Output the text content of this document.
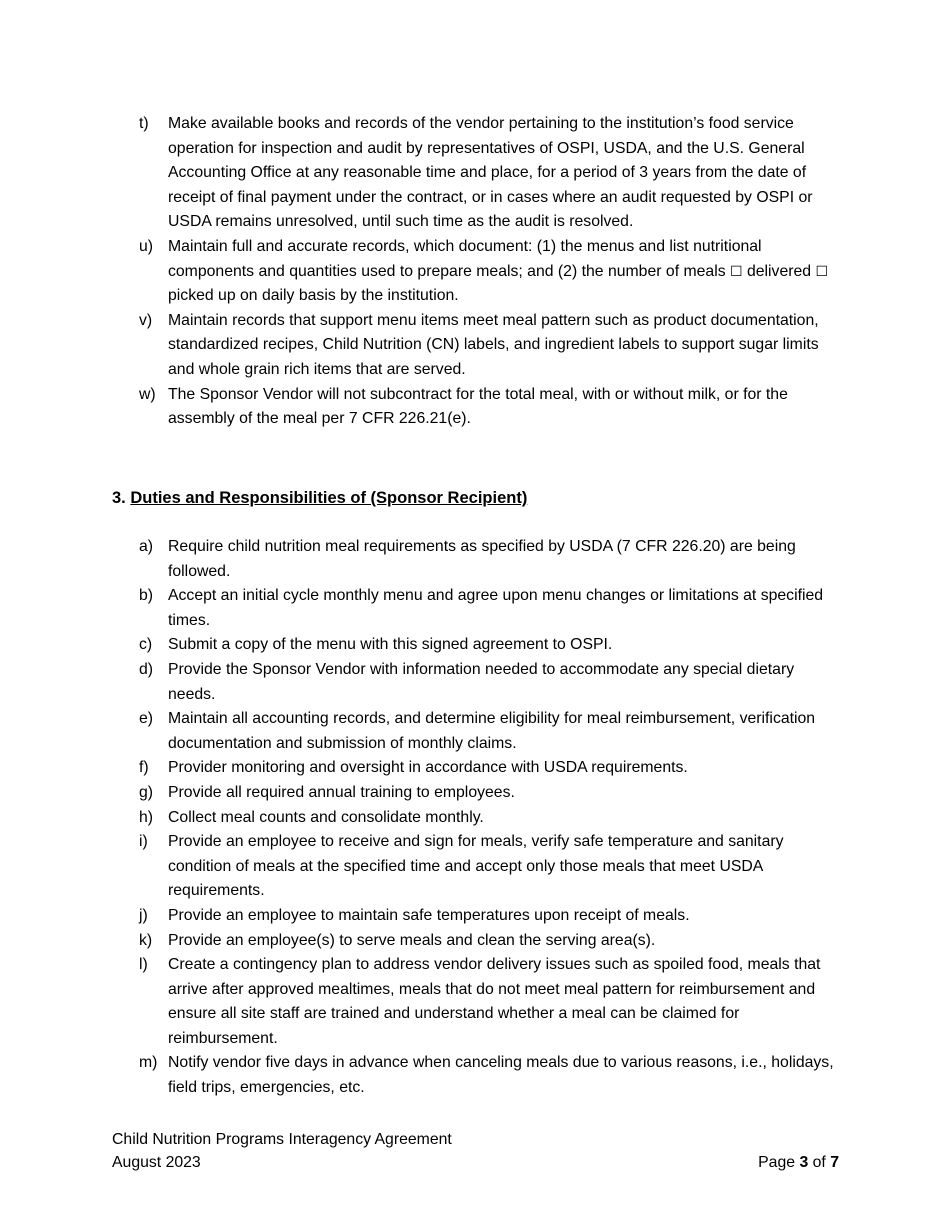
t)	Make available books and records of the vendor pertaining to the institution’s food service operation for inspection and audit by representatives of OSPI, USDA, and the U.S. General Accounting Office at any reasonable time and place, for a period of 3 years from the date of receipt of final payment under the contract, or in cases where an audit requested by OSPI or USDA remains unresolved, until such time as the audit is resolved.
u) Maintain full and accurate records, which document: (1) the menus and list nutritional components and quantities used to prepare meals; and (2) the number of meals ☐ delivered ☐ picked up on daily basis by the institution.
v)	Maintain records that support menu items meet meal pattern such as product documentation, standardized recipes, Child Nutrition (CN) labels, and ingredient labels to support sugar limits and whole grain rich items that are served.
w) The Sponsor Vendor will not subcontract for the total meal, with or without milk, or for the assembly of the meal per 7 CFR 226.21(e).
3. Duties and Responsibilities of (Sponsor Recipient)
a) Require child nutrition meal requirements as specified by USDA (7 CFR 226.20) are being followed.
b) Accept an initial cycle monthly menu and agree upon menu changes or limitations at specified times.
c)	Submit a copy of the menu with this signed agreement to OSPI.
d) Provide the Sponsor Vendor with information needed to accommodate any special dietary needs.
e) Maintain all accounting records, and determine eligibility for meal reimbursement, verification documentation and submission of monthly claims.
f)	Provider monitoring and oversight in accordance with USDA requirements.
g) Provide all required annual training to employees.
h) Collect meal counts and consolidate monthly.
i)	Provide an employee to receive and sign for meals, verify safe temperature and sanitary condition of meals at the specified time and accept only those meals that meet USDA requirements.
j)	Provide an employee to maintain safe temperatures upon receipt of meals.
k)	Provide an employee(s) to serve meals and clean the serving area(s).
l)	Create a contingency plan to address vendor delivery issues such as spoiled food, meals that arrive after approved mealtimes, meals that do not meet meal pattern for reimbursement and ensure all site staff are trained and understand whether a meal can be claimed for reimbursement.
m) Notify vendor five days in advance when canceling meals due to various reasons, i.e., holidays, field trips, emergencies, etc.
Child Nutrition Programs Interagency Agreement
August 2023	Page 3 of 7
